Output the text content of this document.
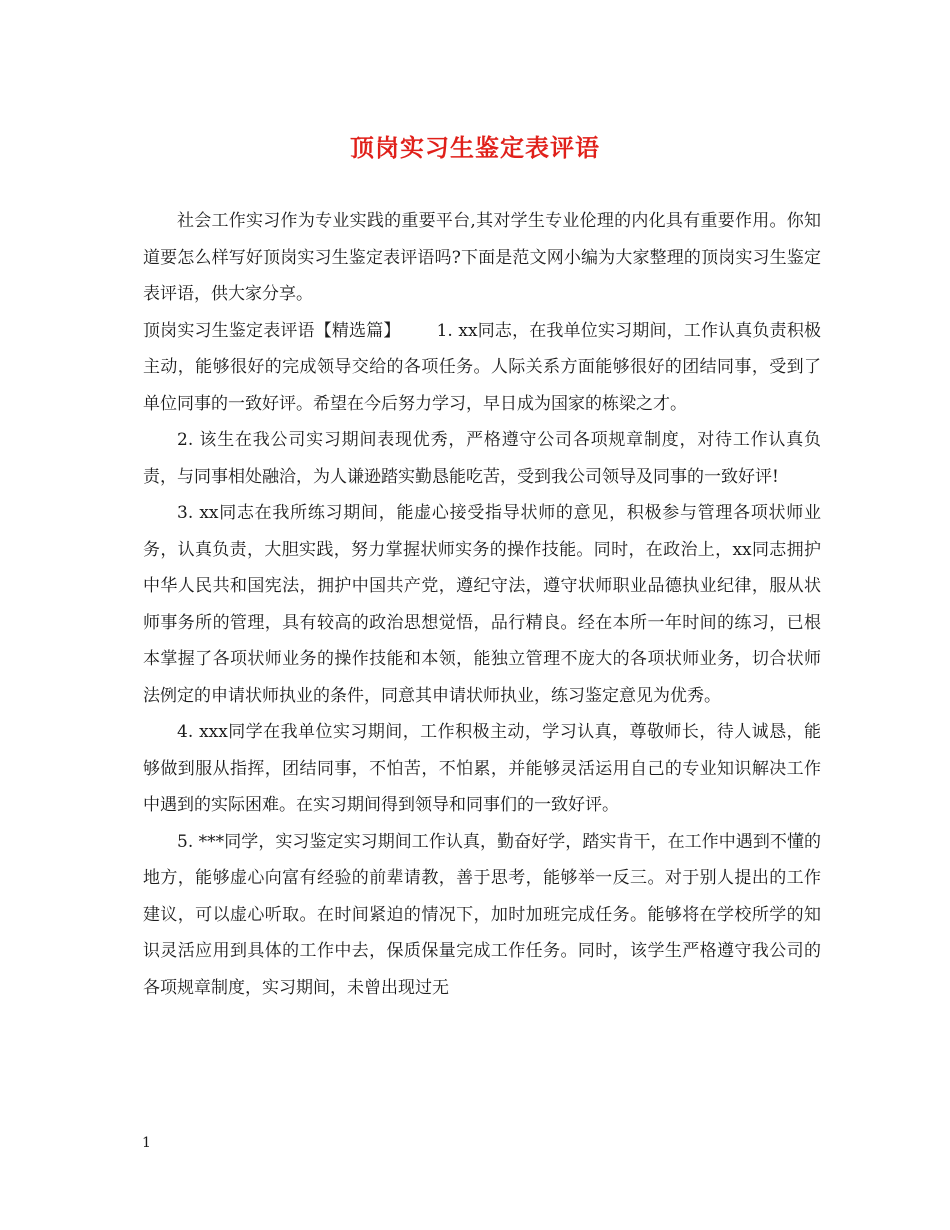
顶岗实习生鉴定表评语

社会工作实习作为专业实践的重要平台,其对学生专业伦理的内化具有重要作用。你知道要怎么样写好顶岗实习生鉴定表评语吗?下面是范文网小编为大家整理的顶岗实习生鉴定表评语，供大家分享。

顶岗实习生鉴定表评语【精选篇】 1. xx同志，在我单位实习期间，工作认真负责积极主动，能够很好的完成领导交给的各项任务。人际关系方面能够很好的团结同事，受到了单位同事的一致好评。希望在今后努力学习，早日成为国家的栋梁之才。

2. 该生在我公司实习期间表现优秀，严格遵守公司各项规章制度，对待工作认真负责，与同事相处融洽，为人谦逊踏实勤恳能吃苦，受到我公司领导及同事的一致好评!

3. xx同志在我所练习期间，能虚心接受指导状师的意见，积极参与管理各项状师业务，认真负责，大胆实践，努力掌握状师实务的操作技能。同时，在政治上，xx同志拥护中华人民共和国宪法，拥护中国共产党，遵纪守法，遵守状师职业品德执业纪律，服从状师事务所的管理，具有较高的政治思想觉悟，品行精良。经在本所一年时间的练习，已根本掌握了各项状师业务的操作技能和本领，能独立管理不庞大的各项状师业务，切合状师法例定的申请状师执业的条件，同意其申请状师执业，练习鉴定意见为优秀。

4. xxx同学在我单位实习期间，工作积极主动，学习认真，尊敬师长，待人诚恳，能够做到服从指挥，团结同事，不怕苦，不怕累，并能够灵活运用自己的专业知识解决工作中遇到的实际困难。在实习期间得到领导和同事们的一致好评。

5. ***同学，实习鉴定实习期间工作认真，勤奋好学，踏实肯干，在工作中遇到不懂的地方，能够虚心向富有经验的前辈请教，善于思考，能够举一反三。对于别人提出的工作建议，可以虚心听取。在时间紧迫的情况下，加时加班完成任务。能够将在学校所学的知识灵活应用到具体的工作中去，保质保量完成工作任务。同时，该学生严格遵守我公司的各项规章制度，实习期间，未曾出现过无

1
